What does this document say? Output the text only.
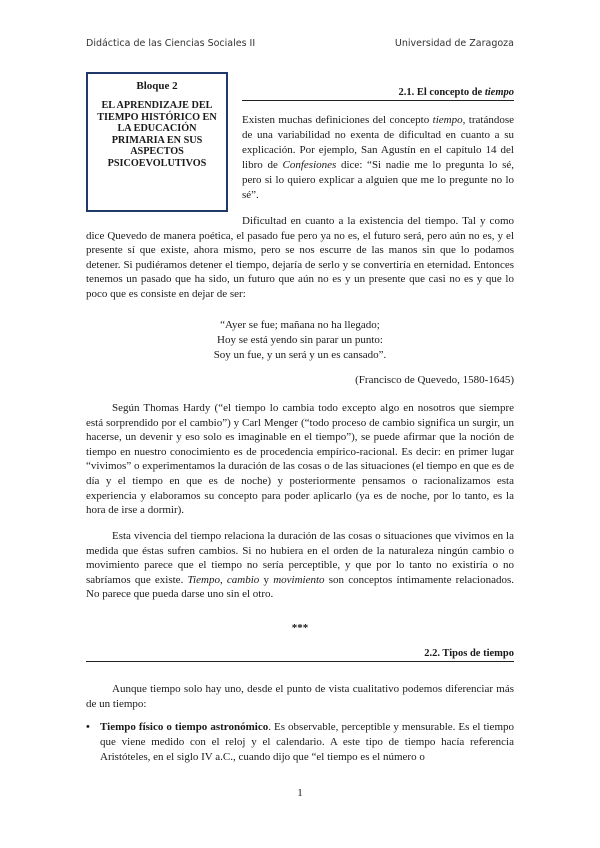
Didáctica de las Ciencias Sociales II	Universidad de Zaragoza
Bloque 2
EL APRENDIZAJE DEL TIEMPO HISTÓRICO EN LA EDUCACIÓN PRIMARIA EN SUS ASPECTOS PSICOEVOLUTIVOS
2.1. El concepto de tiempo

Existen muchas definiciones del concepto tiempo, tratándose de una variabilidad no exenta de dificultad en cuanto a su explicación. Por ejemplo, San Agustín en el capítulo 14 del libro de Confesiones dice: “Si nadie me lo pregunta lo sé, pero si lo quiero explicar a alguien que me lo pregunte no lo sé”.

Dificultad en cuanto a la existencia del tiempo. Tal y como dice Quevedo de manera poética, el pasado fue pero ya no es, el futuro será, pero aún no es, y el presente sí que existe, ahora mismo, pero se nos escurre de las manos sin que lo podamos detener. Si pudiéramos detener el tiempo, dejaría de serlo y se convertiría en eternidad. Entonces tenemos un pasado que ha sido, un futuro que aún no es y un presente que casi no es y que lo poco que es consiste en dejar de ser:

“Ayer se fue; mañana no ha llegado;
Hoy se está yendo sin parar un punto:
Soy un fue, y un será y un es cansado”.
(Francisco de Quevedo, 1580-1645)

Según Thomas Hardy (“el tiempo lo cambia todo excepto algo en nosotros que siempre está sorprendido por el cambio”) y Carl Menger (“todo proceso de cambio significa un surgir, un hacerse, un devenir y eso solo es imaginable en el tiempo”), se puede afirmar que la noción de tiempo en nuestro conocimiento es de procedencia empírico-racional. Es decir: en primer lugar “vivimos” o experimentamos la duración de las cosas o de las situaciones (el tiempo en que es de día y el tiempo en que es de noche) y posteriormente pensamos o racionalizamos esta experiencia y elaboramos su concepto para poder aplicarlo (ya es de noche, por lo tanto, es la hora de irse a dormir).

Esta vivencia del tiempo relaciona la duración de las cosas o situaciones que vivimos en la medida que éstas sufren cambios. Si no hubiera en el orden de la naturaleza ningún cambio o movimiento parece que el tiempo no sería perceptible, y que por lo tanto no existiría o no sabríamos que existe. Tiempo, cambio y movimiento son conceptos íntimamente relacionados. No parece que pueda darse uno sin el otro.

***
2.2. Tipos de tiempo

Aunque tiempo solo hay uno, desde el punto de vista cualitativo podemos diferenciar más de un tiempo:

• Tiempo físico o tiempo astronómico. Es observable, perceptible y mensurable. Es el tiempo que viene medido con el reloj y el calendario. A este tipo de tiempo hacía referencia Aristóteles, en el siglo IV a.C., cuando dijo que “el tiempo es el número o
1
